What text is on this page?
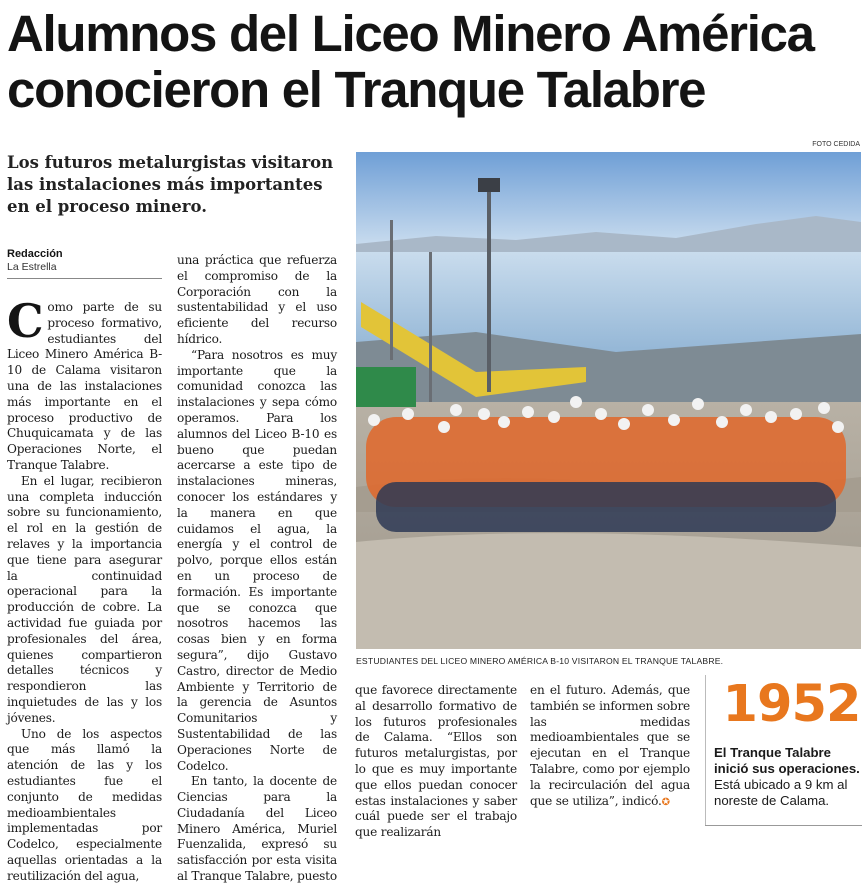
Alumnos del Liceo Minero América conocieron el Tranque Talabre
FOTO CEDIDA

Los futuros metalurgistas visitaron las instalaciones más importantes en el proceso minero.

Redacción
La Estrella

Como parte de su proceso formativo, estudiantes del Liceo Minero América B-10 de Calama visitaron una de las instalaciones más importante en el proceso productivo de Chuquicamata y de las Operaciones Norte, el Tranque Talabre.

En el lugar, recibieron una completa inducción sobre su funcionamiento, el rol en la gestión de relaves y la importancia que tiene para asegurar la continuidad operacional para la producción de cobre. La actividad fue guiada por profesionales del área, quienes compartieron detalles técnicos y respondieron las inquietudes de las y los jóvenes.

Uno de los aspectos que más llamó la atención de las y los estudiantes fue el conjunto de medidas medioambientales implementadas por Codelco, especialmente aquellas orientadas a la reutilización del agua,

una práctica que refuerza el compromiso de la Corporación con la sustentabilidad y el uso eficiente del recurso hídrico.

“Para nosotros es muy importante que la comunidad conozca las instalaciones y sepa cómo operamos. Para los alumnos del Liceo B-10 es bueno que puedan acercarse a este tipo de instalaciones mineras, conocer los estándares y la manera en que cuidamos el agua, la energía y el control de polvo, porque ellos están en un proceso de formación. Es importante que se conozca que nosotros hacemos las cosas bien y en forma segura”, dijo Gustavo Castro, director de Medio Ambiente y Territorio de la gerencia de Asuntos Comunitarios y Sustentabilidad de las Operaciones Norte de Codelco.

En tanto, la docente de Ciencias para la Ciudadanía del Liceo Minero América, Muriel Fuenzalida, expresó su satisfacción por esta visita al Tranque Talabre, puesto

ESTUDIANTES DEL LICEO MINERO AMÉRICA B-10 VISITARON EL TRANQUE TALABRE.

que favorece directamente al desarrollo formativo de los futuros profesionales de Calama. “Ellos son futuros metalurgistas, por lo que es muy importante que ellos puedan conocer estas instalaciones y saber cuál puede ser el trabajo que realizarán

en el futuro. Además, que también se informen sobre las medidas medioambientales que se ejecutan en el Tranque Talabre, como por ejemplo la recirculación del agua que se utiliza”, indicó.✪

1952
El Tranque Talabre inició sus operaciones. Está ubicado a 9 km al noreste de Calama.
